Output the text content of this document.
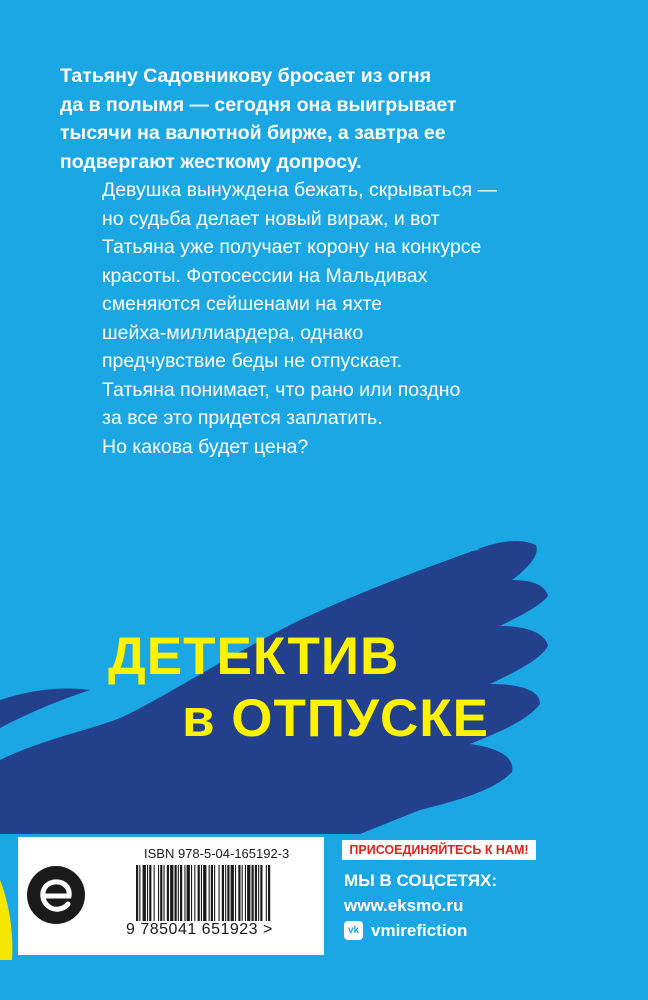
Татьяну Садовникову бросает из огня
да в полымя — сегодня она выигрывает
тысячи на валютной бирже, а завтра ее
подвергают жесткому допросу.
Девушка вынуждена бежать, скрываться —
но судьба делает новый вираж, и вот
Татьяна уже получает корону на конкурсе
красоты. Фотосессии на Мальдивах
сменяются сейшенами на яхте
шейха-миллиардера, однако
предчувствие беды не отпускает.
Татьяна понимает, что рано или поздно
за все это придется заплатить.
Но какова будет цена?
ДЕТЕКТИВ
в ОТПУСКЕ
ISBN 978-5-04-165192-3
9 785041 651923 >
ПРИСОЕДИНЯЙТЕСЬ К НАМ!
МЫ В СОЦСЕТЯХ:
www.eksmo.ru
vk vmirefiction
